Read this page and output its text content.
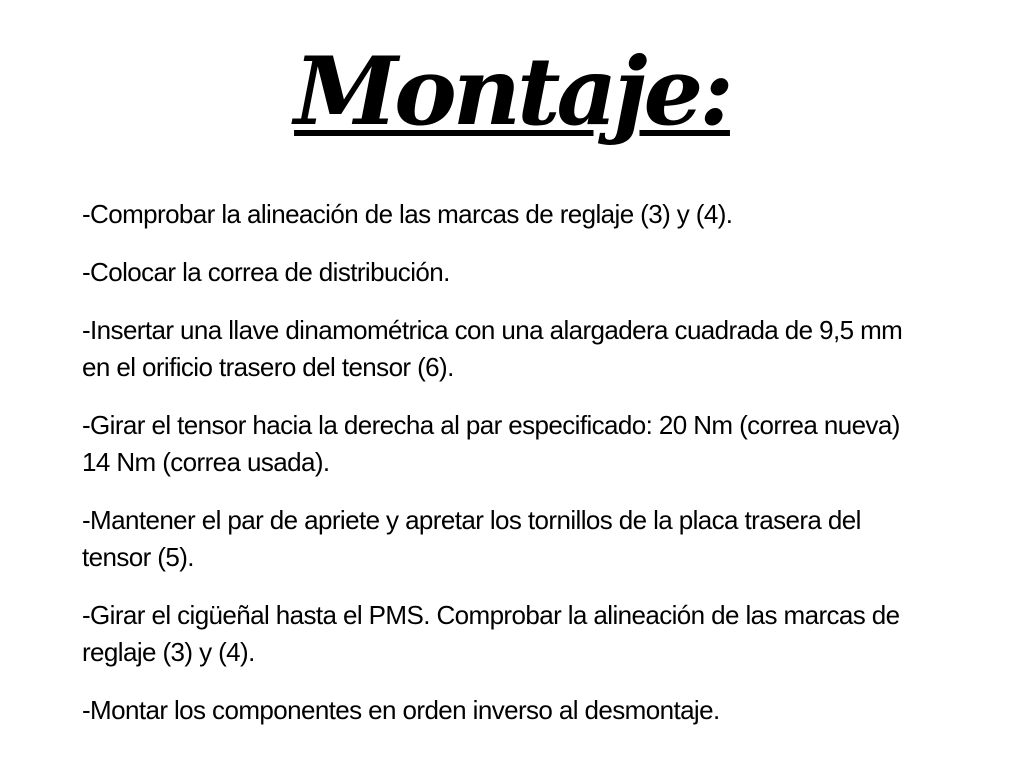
Montaje:

-Comprobar la alineación de las marcas de reglaje (3) y (4).

-Colocar la correa de distribución.

-Insertar una llave dinamométrica con una alargadera cuadrada de 9,5 mm
en el orificio trasero del tensor (6).

-Girar el tensor hacia la derecha al par especificado: 20 Nm (correa nueva)
14 Nm (correa usada).

-Mantener el par de apriete y apretar los tornillos de la placa trasera del
tensor (5).

-Girar el cigüeñal hasta el PMS. Comprobar la alineación de las marcas de
reglaje (3) y (4).

-Montar los componentes en orden inverso al desmontaje.
